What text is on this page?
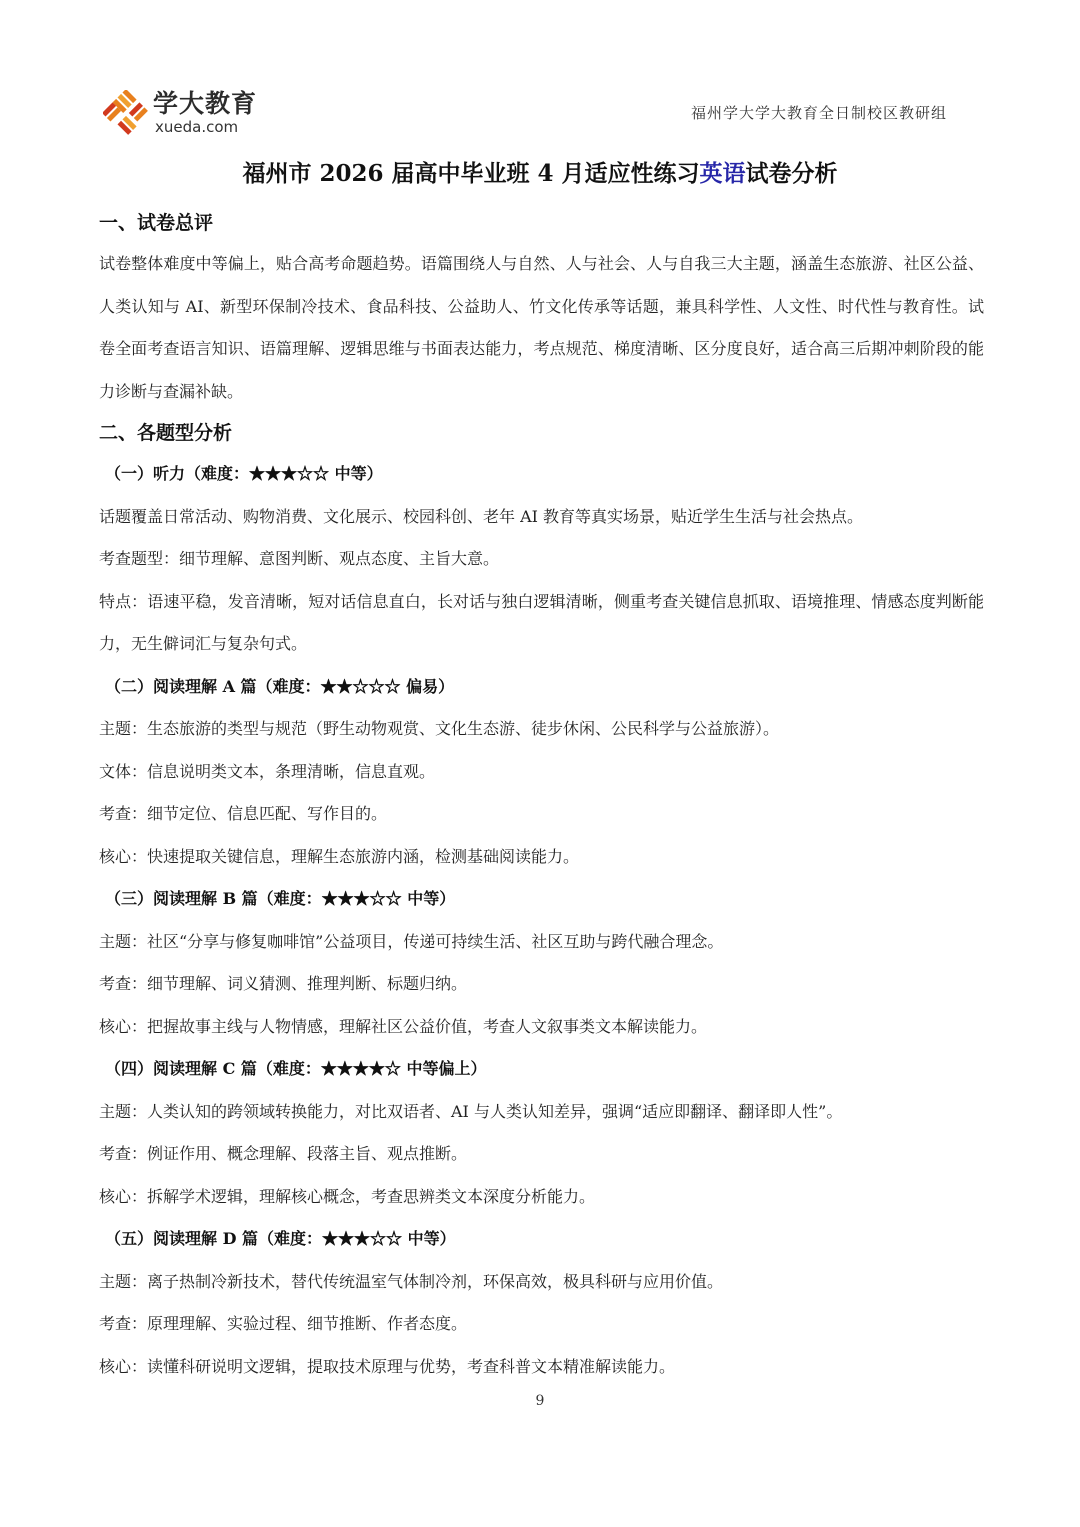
学大教育
xueda.com
福州学大学大教育全日制校区教研组
福州市 2026 届高中毕业班 4 月适应性练习英语试卷分析
一、试卷总评
试卷整体难度中等偏上，贴合高考命题趋势。语篇围绕人与自然、人与社会、人与自我三大主题，涵盖生态旅游、社区公益、人类认知与 AI、新型环保制冷技术、食品科技、公益助人、竹文化传承等话题，兼具科学性、人文性、时代性与教育性。试卷全面考查语言知识、语篇理解、逻辑思维与书面表达能力，考点规范、梯度清晰、区分度良好，适合高三后期冲刺阶段的能力诊断与查漏补缺。
二、各题型分析
（一）听力（难度：★★★☆☆ 中等）
话题覆盖日常活动、购物消费、文化展示、校园科创、老年 AI 教育等真实场景，贴近学生生活与社会热点。
考查题型：细节理解、意图判断、观点态度、主旨大意。
特点：语速平稳，发音清晰，短对话信息直白，长对话与独白逻辑清晰，侧重考查关键信息抓取、语境推理、情感态度判断能力，无生僻词汇与复杂句式。
（二）阅读理解 A 篇（难度：★★☆☆☆ 偏易）
主题：生态旅游的类型与规范（野生动物观赏、文化生态游、徒步休闲、公民科学与公益旅游）。
文体：信息说明类文本，条理清晰，信息直观。
考查：细节定位、信息匹配、写作目的。
核心：快速提取关键信息，理解生态旅游内涵，检测基础阅读能力。
（三）阅读理解 B 篇（难度：★★★☆☆ 中等）
主题：社区“分享与修复咖啡馆”公益项目，传递可持续生活、社区互助与跨代融合理念。
考查：细节理解、词义猜测、推理判断、标题归纳。
核心：把握故事主线与人物情感，理解社区公益价值，考查人文叙事类文本解读能力。
（四）阅读理解 C 篇（难度：★★★★☆ 中等偏上）
主题：人类认知的跨领域转换能力，对比双语者、AI 与人类认知差异，强调“适应即翻译、翻译即人性”。
考查：例证作用、概念理解、段落主旨、观点推断。
核心：拆解学术逻辑，理解核心概念，考查思辨类文本深度分析能力。
（五）阅读理解 D 篇（难度：★★★☆☆ 中等）
主题：离子热制冷新技术，替代传统温室气体制冷剂，环保高效，极具科研与应用价值。
考查：原理理解、实验过程、细节推断、作者态度。
核心：读懂科研说明文逻辑，提取技术原理与优势，考查科普文本精准解读能力。
9
